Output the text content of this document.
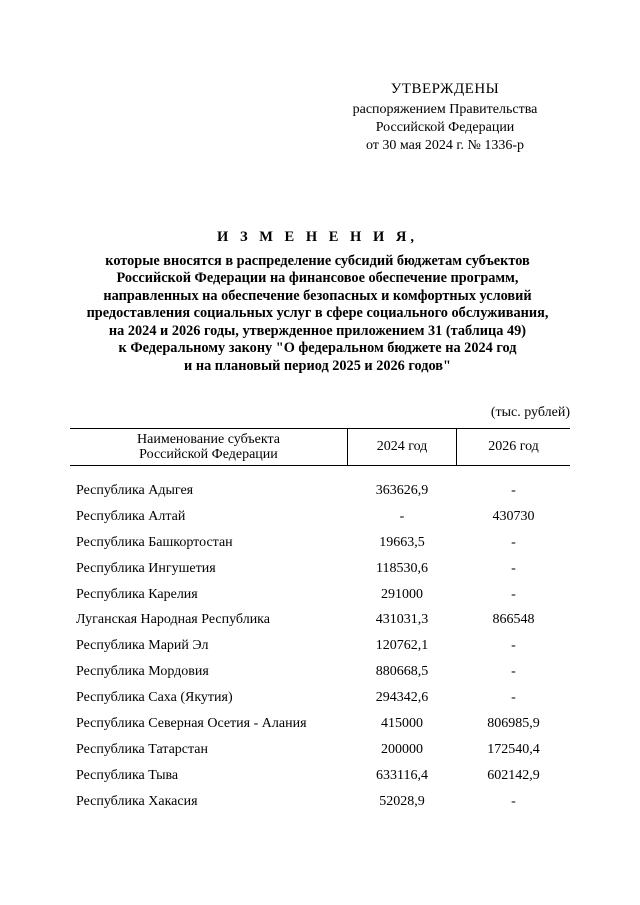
УТВЕРЖДЕНЫ
распоряжением Правительства
Российской Федерации
от 30 мая 2024 г. № 1336-р
И З М Е Н Е Н И Я,
которые вносятся в распределение субсидий бюджетам субъектов
Российской Федерации на финансовое обеспечение программ,
направленных на обеспечение безопасных и комфортных условий
предоставления социальных услуг в сфере социального обслуживания,
на 2024 и 2026 годы, утвержденное приложением 31 (таблица 49)
к Федеральному закону "О федеральном бюджете на 2024 год
и на плановый период 2025 и 2026 годов"
(тыс. рублей)
Наименование субъекта
Российской Федерации
2024 год	2026 год
Республика Адыгея	363626,9	-
Республика Алтай	-	430730
Республика Башкортостан	19663,5	-
Республика Ингушетия	118530,6	-
Республика Карелия	291000	-
Луганская Народная Республика	431031,3	866548
Республика Марий Эл	120762,1	-
Республика Мордовия	880668,5	-
Республика Саха (Якутия)	294342,6	-
Республика Северная Осетия - Алания	415000	806985,9
Республика Татарстан	200000	172540,4
Республика Тыва	633116,4	602142,9
Республика Хакасия	52028,9	-
